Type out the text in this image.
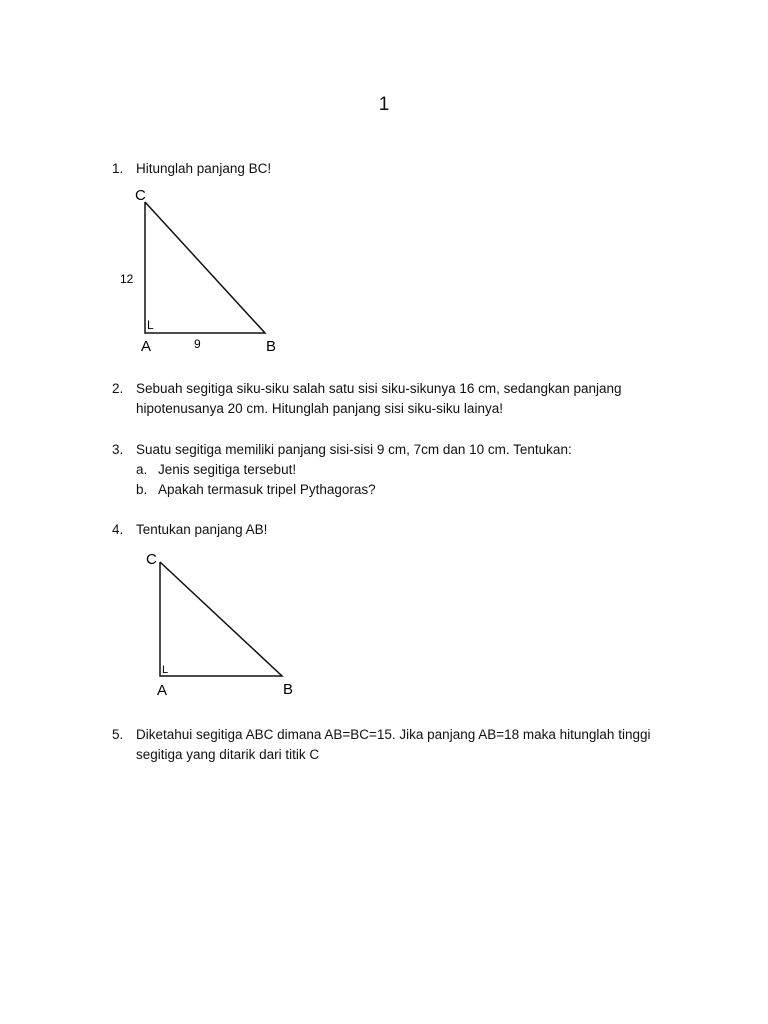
1
1. Hitunglah panjang BC!
C
A	B
L
12
9
2. Sebuah segitiga siku-siku salah satu sisi siku-sikunya 16 cm, sedangkan panjang
hipotenusanya 20 cm. Hitunglah panjang sisi siku-siku lainya!
3. Suatu segitiga memiliki panjang sisi-sisi 9 cm, 7cm dan 10 cm. Tentukan:
a. Jenis segitiga tersebut!
b. Apakah termasuk tripel Pythagoras?
4. Tentukan panjang AB!
C
A	B
L
5. Diketahui segitiga ABC dimana AB=BC=15. Jika panjang AB=18 maka hitunglah tinggi
segitiga yang ditarik dari titik C
